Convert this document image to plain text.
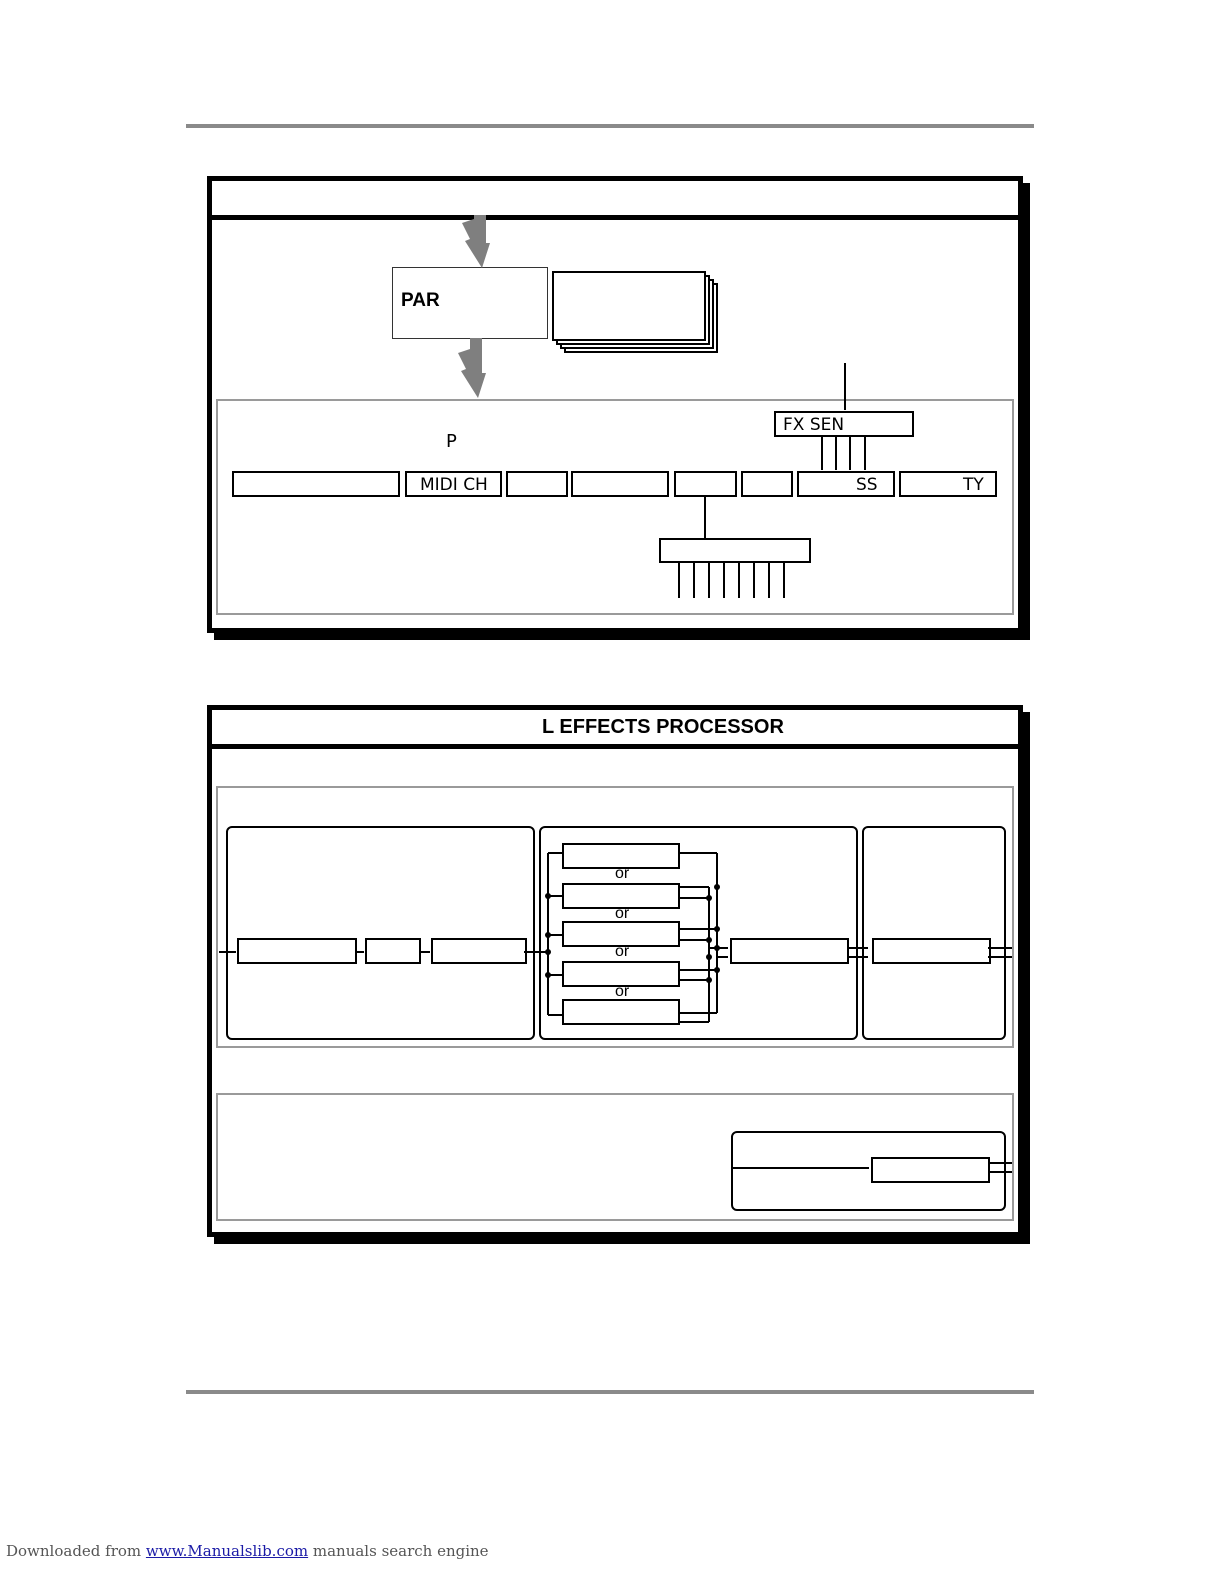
PAR
P
FX SEN
MIDI CH	SS	TY
L EFFECTS PROCESSOR
or
or
or
or
Downloaded from www.Manualslib.com manuals search engine
